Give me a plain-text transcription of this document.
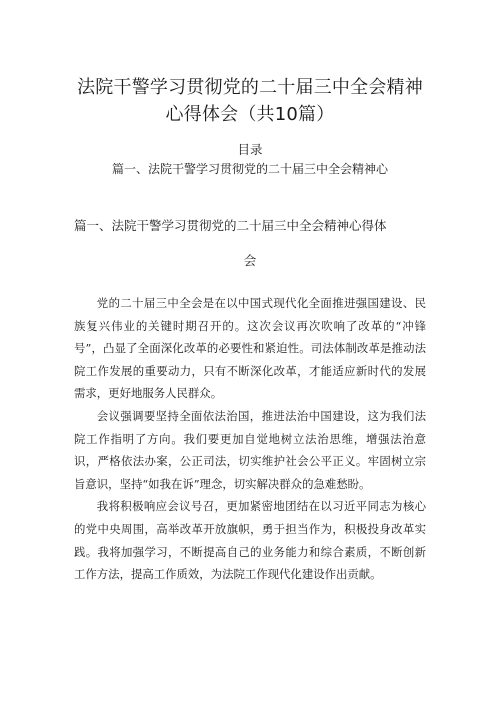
法院干警学习贯彻党的二十届三中全会精神心得体会（共10篇）
目录
篇一、法院干警学习贯彻党的二十届三中全会精神心
篇一、法院干警学习贯彻党的二十届三中全会精神心得体
会

党的二十届三中全会是在以中国式现代化全面推进强国建设、民族复兴伟业的关键时期召开的。这次会议再次吹响了改革的“冲锋号”，凸显了全面深化改革的必要性和紧迫性。司法体制改革是推动法院工作发展的重要动力，只有不断深化改革，才能适应新时代的发展需求，更好地服务人民群众。

会议强调要坚持全面依法治国，推进法治中国建设，这为我们法院工作指明了方向。我们要更加自觉地树立法治思维，增强法治意识，严格依法办案，公正司法，切实维护社会公平正义。牢固树立宗旨意识，坚持“如我在诉”理念，切实解决群众的急难愁盼。

我将积极响应会议号召，更加紧密地团结在以习近平同志为核心的党中央周围，高举改革开放旗帜，勇于担当作为，积极投身改革实践。我将加强学习，不断提高自己的业务能力和综合素质，不断创新工作方法，提高工作质效，为法院工作现代化建设作出贡献。
